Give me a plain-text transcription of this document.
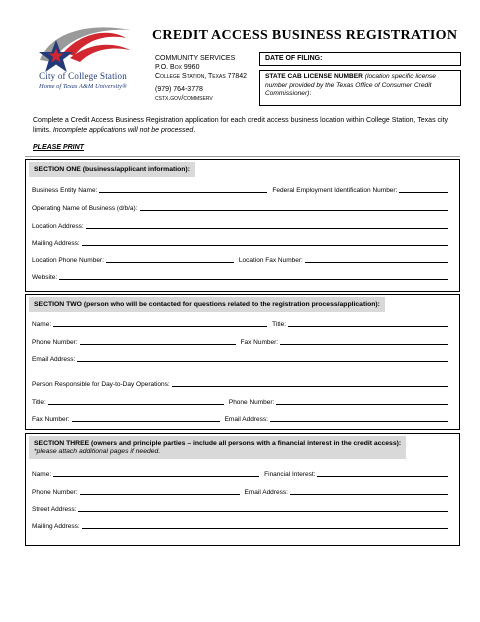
City of College Station
Home of Texas A&M University®
CREDIT ACCESS BUSINESS REGISTRATION
COMMUNITY SERVICES
P.O. Box 9960
College Station, Texas 77842
(979) 764-3778
cstx.gov/commserv
DATE OF FILING:
STATE CAB LICENSE NUMBER (location specific license number provided by the Texas Office of Consumer Credit Commissioner):
Complete a Credit Access Business Registration application for each credit access business location within College Station, Texas city limits. Incomplete applications will not be processed.
PLEASE PRINT
SECTION ONE (business/applicant information):
Business Entity Name:	Federal Employment Identification Number:
Operating Name of Business (d/b/a):
Location Address:
Mailing Address:
Location Phone Number:	Location Fax Number:
Website:
SECTION TWO (person who will be contacted for questions related to the registration process/application):
Name:	Title:
Phone Number:	Fax Number:
Email Address:
Person Responsible for Day-to-Day Operations:
Title:	Phone Number:
Fax Number:	Email Address:
SECTION THREE (owners and principle parties – include all persons with a financial interest in the credit access):
*please attach additional pages if needed.
Name:	Financial Interest:
Phone Number:	Email Address:
Street Address:
Mailing Address:
